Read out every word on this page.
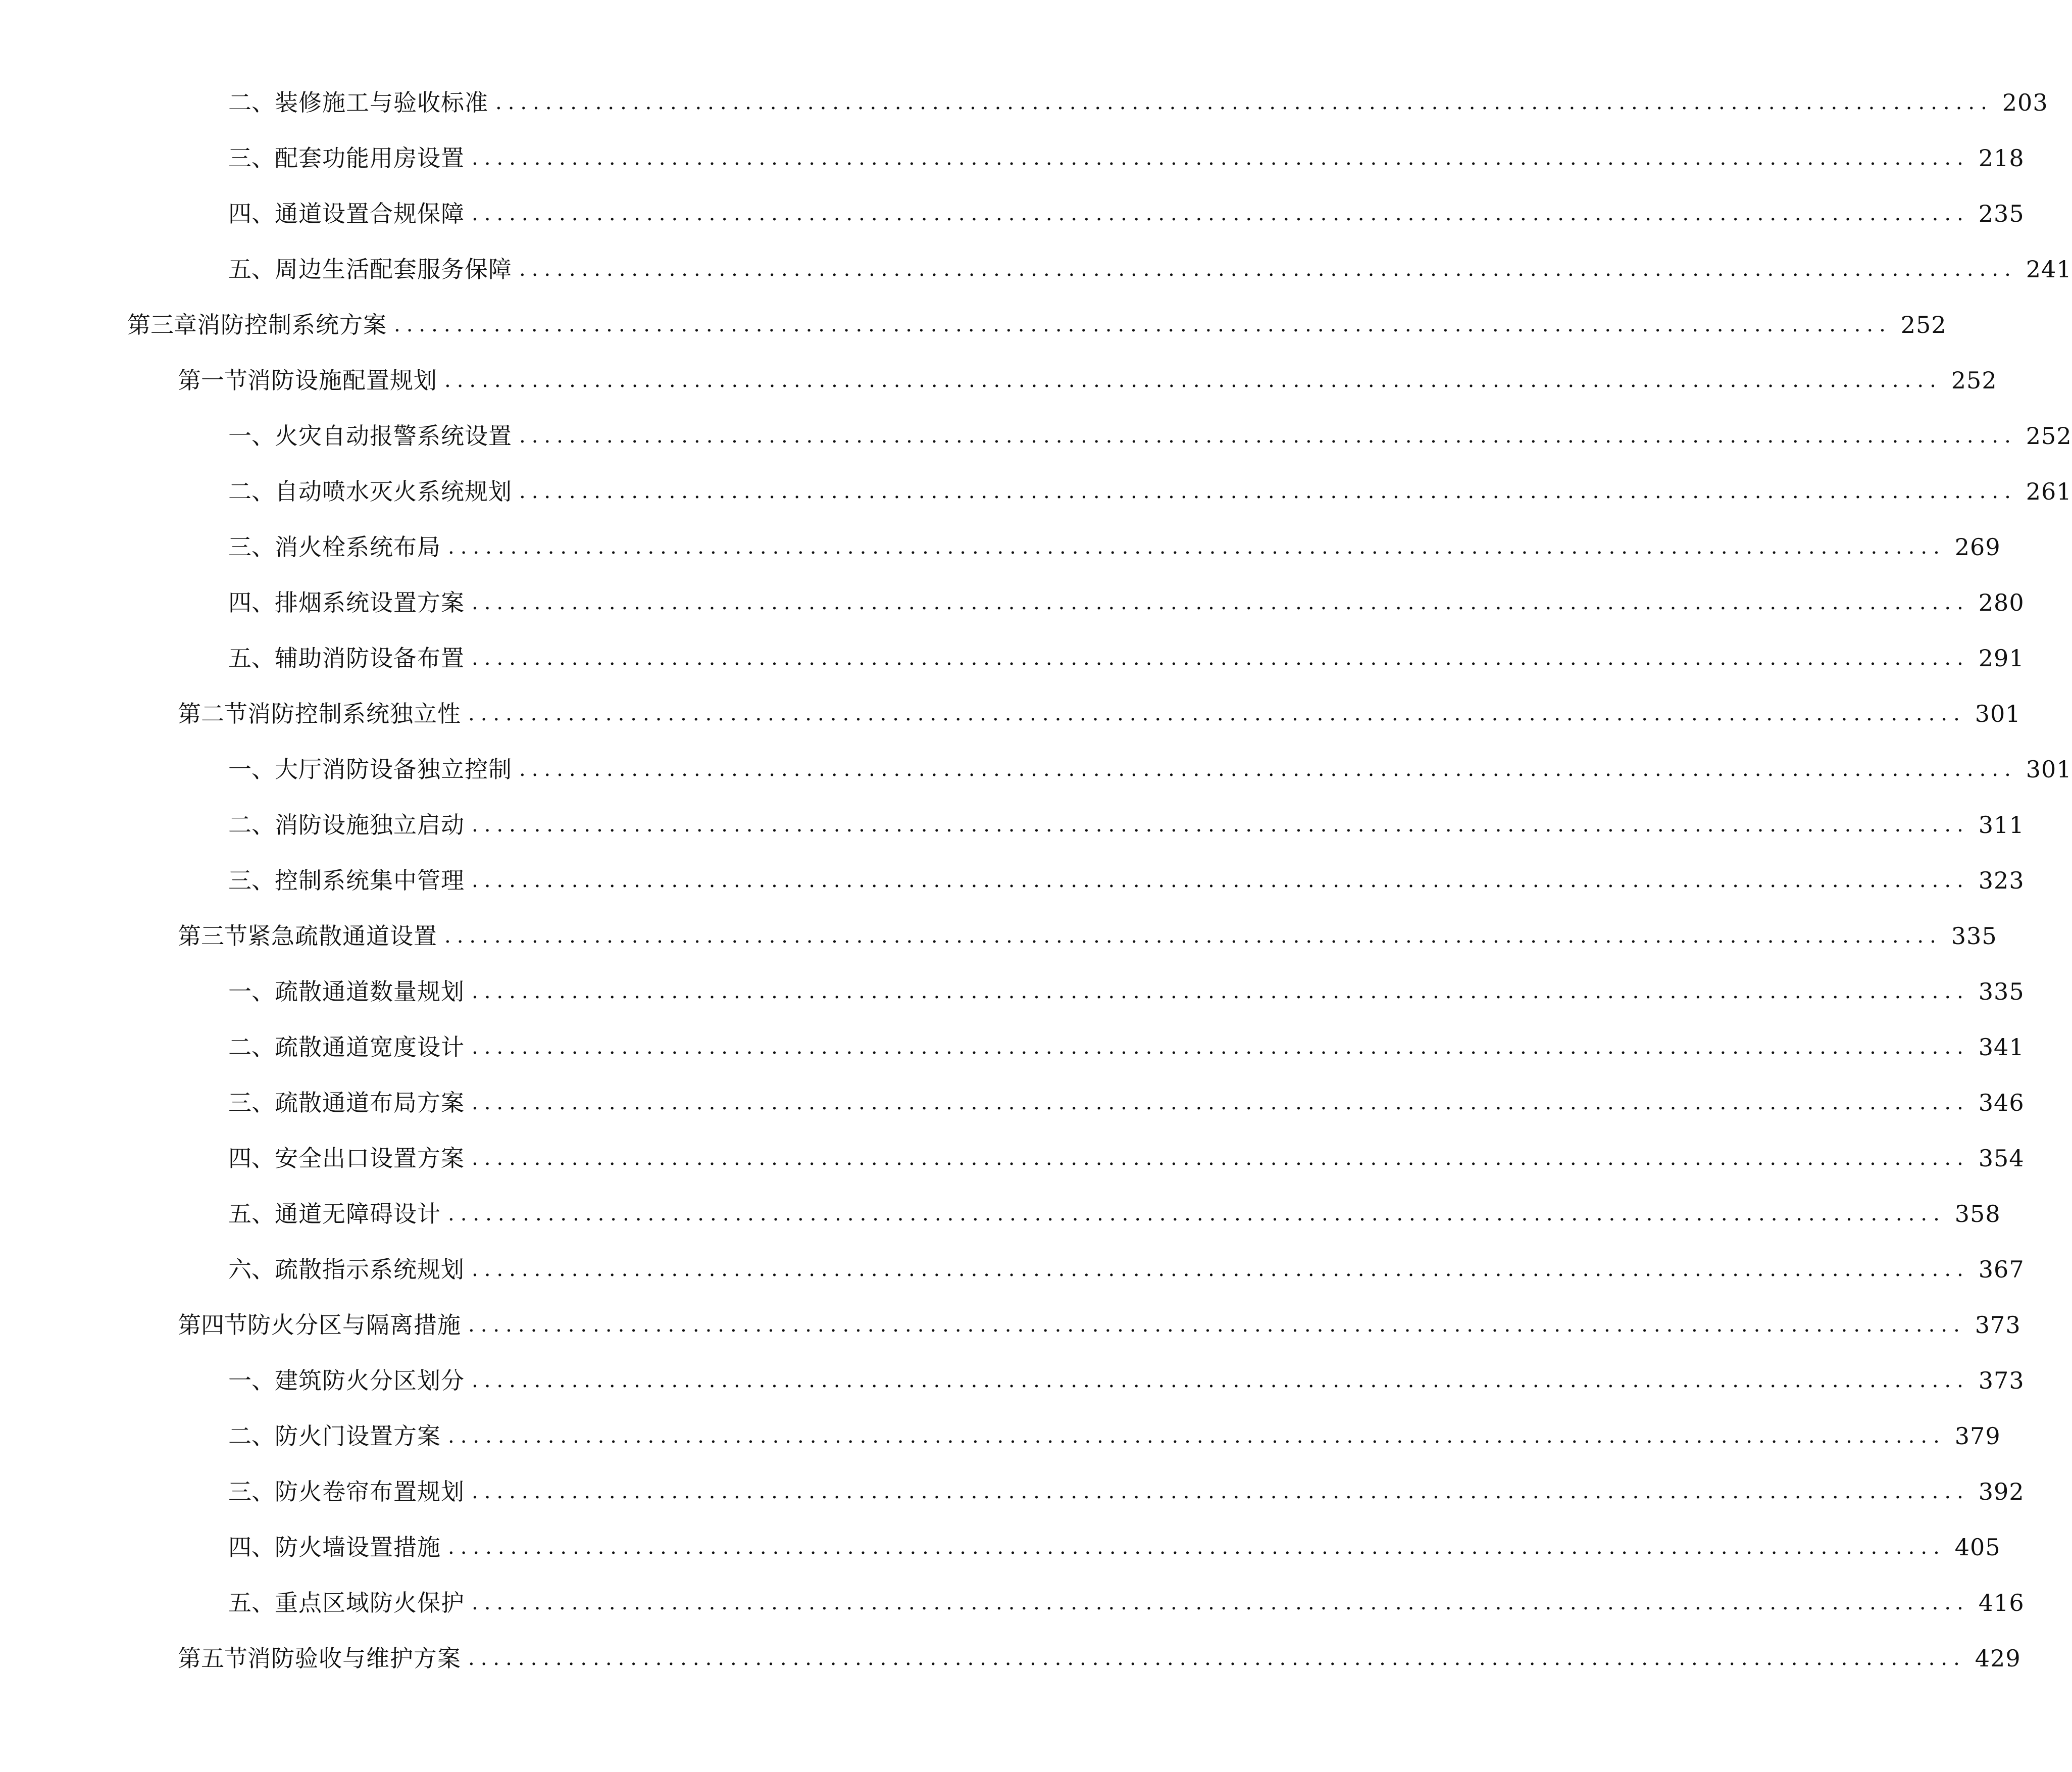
二、 装修施工与验收标准 ........................................................................................................................ 203
三、 配套功能用房设置 ........................................................................................................................ 218
四、 通道设置合规保障 ........................................................................................................................ 235
五、 周边生活配套服务保障 ........................................................................................................................ 241
第三章 消防控制系统方案 ........................................................................................................................ 252
第一节 消防设施配置规划 ........................................................................................................................ 252
一、 火灾自动报警系统设置 ........................................................................................................................ 252
二、 自动喷水灭火系统规划 ........................................................................................................................ 261
三、 消火栓系统布局 ........................................................................................................................ 269
四、 排烟系统设置方案 ........................................................................................................................ 280
五、 辅助消防设备布置 ........................................................................................................................ 291
第二节 消防控制系统独立性 ........................................................................................................................ 301
一、 大厅消防设备独立控制 ........................................................................................................................ 301
二、 消防设施独立启动 ........................................................................................................................ 311
三、 控制系统集中管理 ........................................................................................................................ 323
第三节 紧急疏散通道设置 ........................................................................................................................ 335
一、 疏散通道数量规划 ........................................................................................................................ 335
二、 疏散通道宽度设计 ........................................................................................................................ 341
三、 疏散通道布局方案 ........................................................................................................................ 346
四、 安全出口设置方案 ........................................................................................................................ 354
五、 通道无障碍设计 ........................................................................................................................ 358
六、 疏散指示系统规划 ........................................................................................................................ 367
第四节 防火分区与隔离措施 ........................................................................................................................ 373
一、 建筑防火分区划分 ........................................................................................................................ 373
二、 防火门设置方案 ........................................................................................................................ 379
三、 防火卷帘布置规划 ........................................................................................................................ 392
四、 防火墙设置措施 ........................................................................................................................ 405
五、 重点区域防火保护 ........................................................................................................................ 416
第五节 消防验收与维护方案 ........................................................................................................................ 429
